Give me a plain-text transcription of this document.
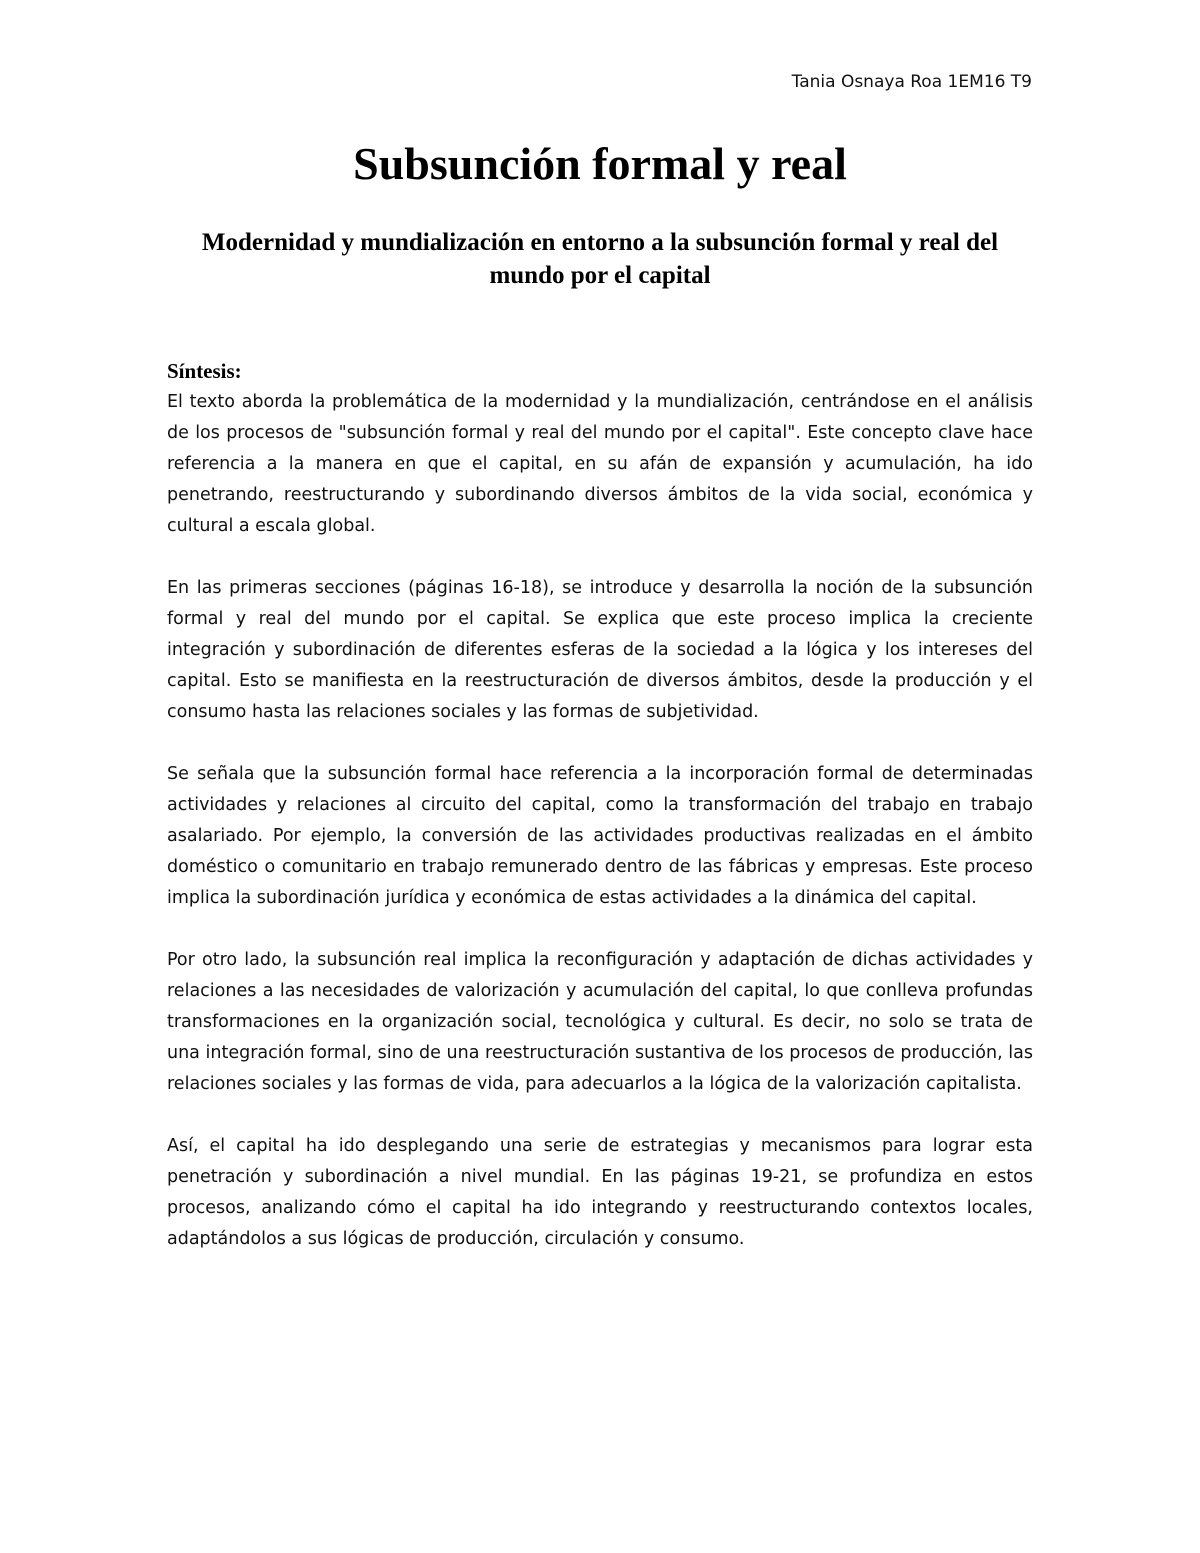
Tania Osnaya Roa 1EM16 T9
Subsunción formal y real
Modernidad y mundialización en entorno a la subsunción formal y real del mundo por el capital

Síntesis:

El texto aborda la problemática de la modernidad y la mundialización, centrándose en el análisis de los procesos de "subsunción formal y real del mundo por el capital". Este concepto clave hace referencia a la manera en que el capital, en su afán de expansión y acumulación, ha ido penetrando, reestructurando y subordinando diversos ámbitos de la vida social, económica y cultural a escala global.

En las primeras secciones (páginas 16-18), se introduce y desarrolla la noción de la subsunción formal y real del mundo por el capital. Se explica que este proceso implica la creciente integración y subordinación de diferentes esferas de la sociedad a la lógica y los intereses del capital. Esto se manifiesta en la reestructuración de diversos ámbitos, desde la producción y el consumo hasta las relaciones sociales y las formas de subjetividad.

Se señala que la subsunción formal hace referencia a la incorporación formal de determinadas actividades y relaciones al circuito del capital, como la transformación del trabajo en trabajo asalariado. Por ejemplo, la conversión de las actividades productivas realizadas en el ámbito doméstico o comunitario en trabajo remunerado dentro de las fábricas y empresas. Este proceso implica la subordinación jurídica y económica de estas actividades a la dinámica del capital.

Por otro lado, la subsunción real implica la reconfiguración y adaptación de dichas actividades y relaciones a las necesidades de valorización y acumulación del capital, lo que conlleva profundas transformaciones en la organización social, tecnológica y cultural. Es decir, no solo se trata de una integración formal, sino de una reestructuración sustantiva de los procesos de producción, las relaciones sociales y las formas de vida, para adecuarlos a la lógica de la valorización capitalista.

Así, el capital ha ido desplegando una serie de estrategias y mecanismos para lograr esta penetración y subordinación a nivel mundial. En las páginas 19-21, se profundiza en estos procesos, analizando cómo el capital ha ido integrando y reestructurando contextos locales, adaptándolos a sus lógicas de producción, circulación y consumo.
